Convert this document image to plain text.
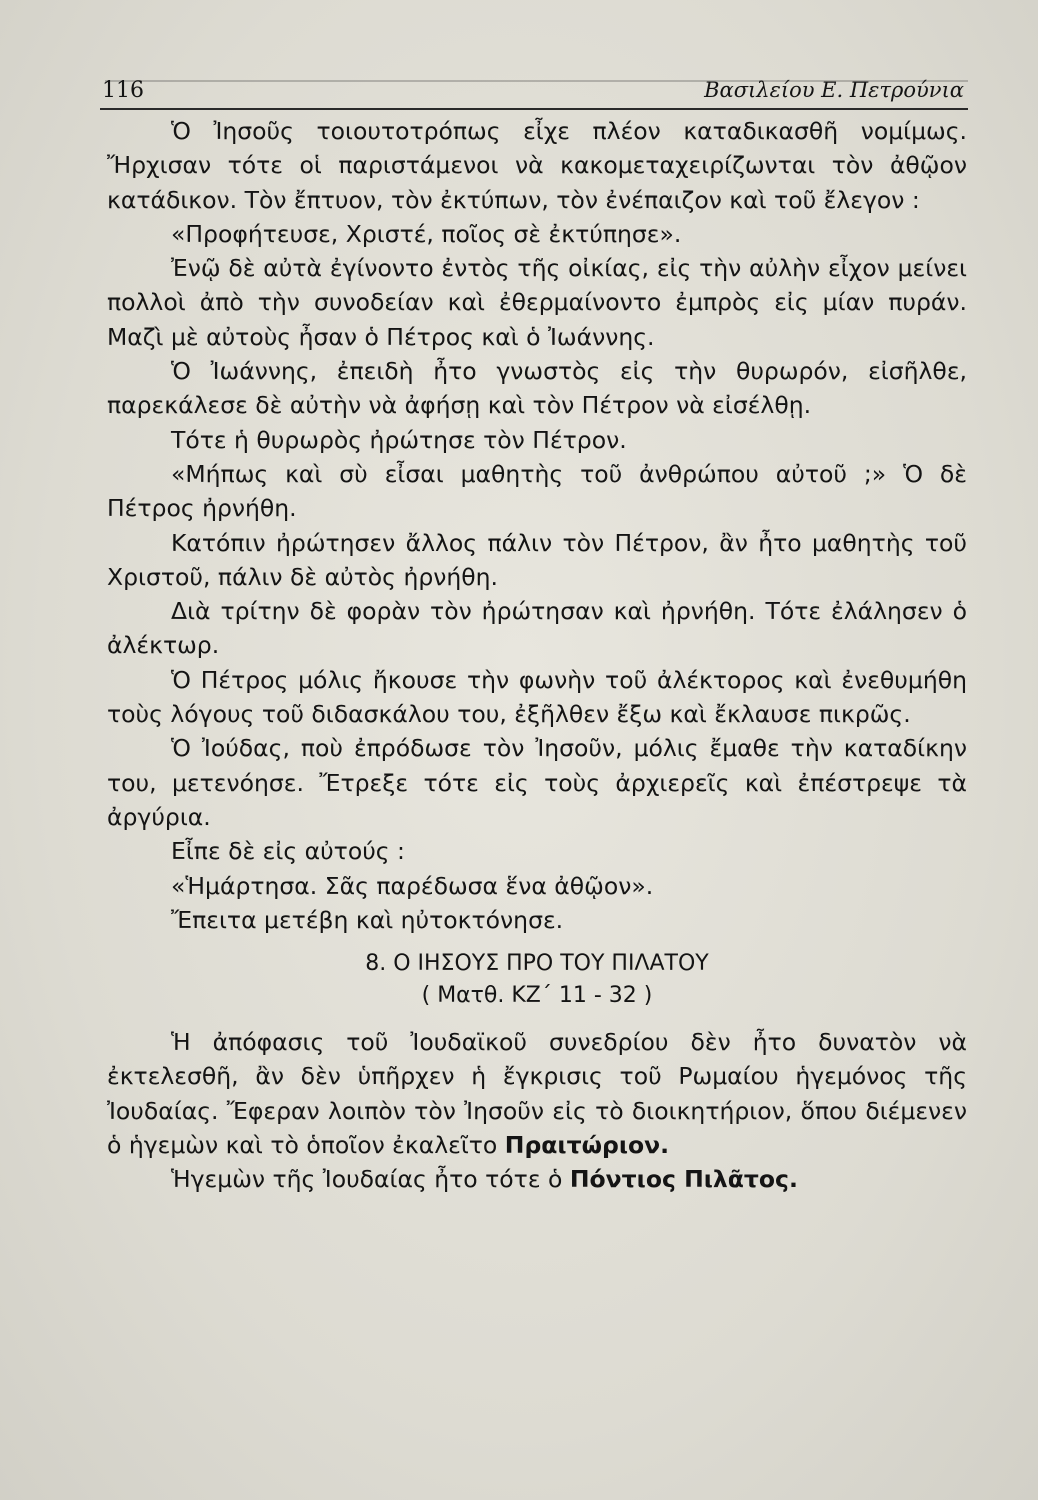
116	Βασιλείου Ε. Πετρούνια

Ὁ Ἰησοῦς τοιουτοτρόπως εἶχε πλέον καταδικασθῆ νομίμως. Ἤρχισαν τότε οἱ παριστάμενοι νὰ κακομεταχειρίζωνται τὸν ἀθῷον κατάδικον. Τὸν ἔπτυον, τὸν ἐκτύπων, τὸν ἐνέπαιζον καὶ τοῦ ἔλεγον :

«Προφήτευσε, Χριστέ, ποῖος σὲ ἐκτύπησε».

Ἐνῷ δὲ αὐτὰ ἐγίνοντο ἐντὸς τῆς οἰκίας, εἰς τὴν αὐλὴν εἶχον μείνει πολλοὶ ἀπὸ τὴν συνοδείαν καὶ ἐθερμαίνοντο ἐμπρὸς εἰς μίαν πυράν. Μαζὶ μὲ αὐτοὺς ἦσαν ὁ Πέτρος καὶ ὁ Ἰωάννης.

Ὁ Ἰωάννης, ἐπειδὴ ἦτο γνωστὸς εἰς τὴν θυρωρόν, εἰσῆλθε, παρεκάλεσε δὲ αὐτὴν νὰ ἀφήσῃ καὶ τὸν Πέτρον νὰ εἰσέλθῃ.

Τότε ἡ θυρωρὸς ἠρώτησε τὸν Πέτρον.

«Μήπως καὶ σὺ εἶσαι μαθητὴς τοῦ ἀνθρώπου αὐτοῦ ;» Ὁ δὲ Πέτρος ἠρνήθη.

Κατόπιν ἠρώτησεν ἄλλος πάλιν τὸν Πέτρον, ἂν ἦτο μαθητὴς τοῦ Χριστοῦ, πάλιν δὲ αὐτὸς ἠρνήθη.

Διὰ τρίτην δὲ φορὰν τὸν ἠρώτησαν καὶ ἠρνήθη. Τότε ἐλάλησεν ὁ ἀλέκτωρ.

Ὁ Πέτρος μόλις ἤκουσε τὴν φωνὴν τοῦ ἀλέκτορος καὶ ἐνεθυμήθη τοὺς λόγους τοῦ διδασκάλου του, ἐξῆλθεν ἔξω καὶ ἔκλαυσε πικρῶς.

Ὁ Ἰούδας, ποὺ ἐπρόδωσε τὸν Ἰησοῦν, μόλις ἔμαθε τὴν καταδίκην του, μετενόησε. Ἔτρεξε τότε εἰς τοὺς ἀρχιερεῖς καὶ ἐπέστρεψε τὰ ἀργύρια.

Εἶπε δὲ εἰς αὐτούς :

«Ἡμάρτησα. Σᾶς παρέδωσα ἕνα ἀθῷον».

Ἔπειτα μετέβη καὶ ηὐτοκτόνησε.

8. Ο ΙΗΣΟΥΣ ΠΡΟ ΤΟΥ ΠΙΛΑΤΟΥ
( Ματθ. ΚΖ΄ 11 - 32 )

Ἡ ἀπόφασις τοῦ Ἰουδαϊκοῦ συνεδρίου δὲν ἦτο δυνατὸν νὰ ἐκτελεσθῆ, ἂν δὲν ὑπῆρχεν ἡ ἔγκρισις τοῦ Ρωμαίου ἡγεμόνος τῆς Ἰουδαίας. Ἔφεραν λοιπὸν τὸν Ἰησοῦν εἰς τὸ διοικητήριον, ὅπου διέμενεν ὁ ἡγεμὼν καὶ τὸ ὁποῖον ἐκαλεῖτο Πραιτώριον.

Ἡγεμὼν τῆς Ἰουδαίας ἦτο τότε ὁ Πόντιος Πιλᾶτος.
